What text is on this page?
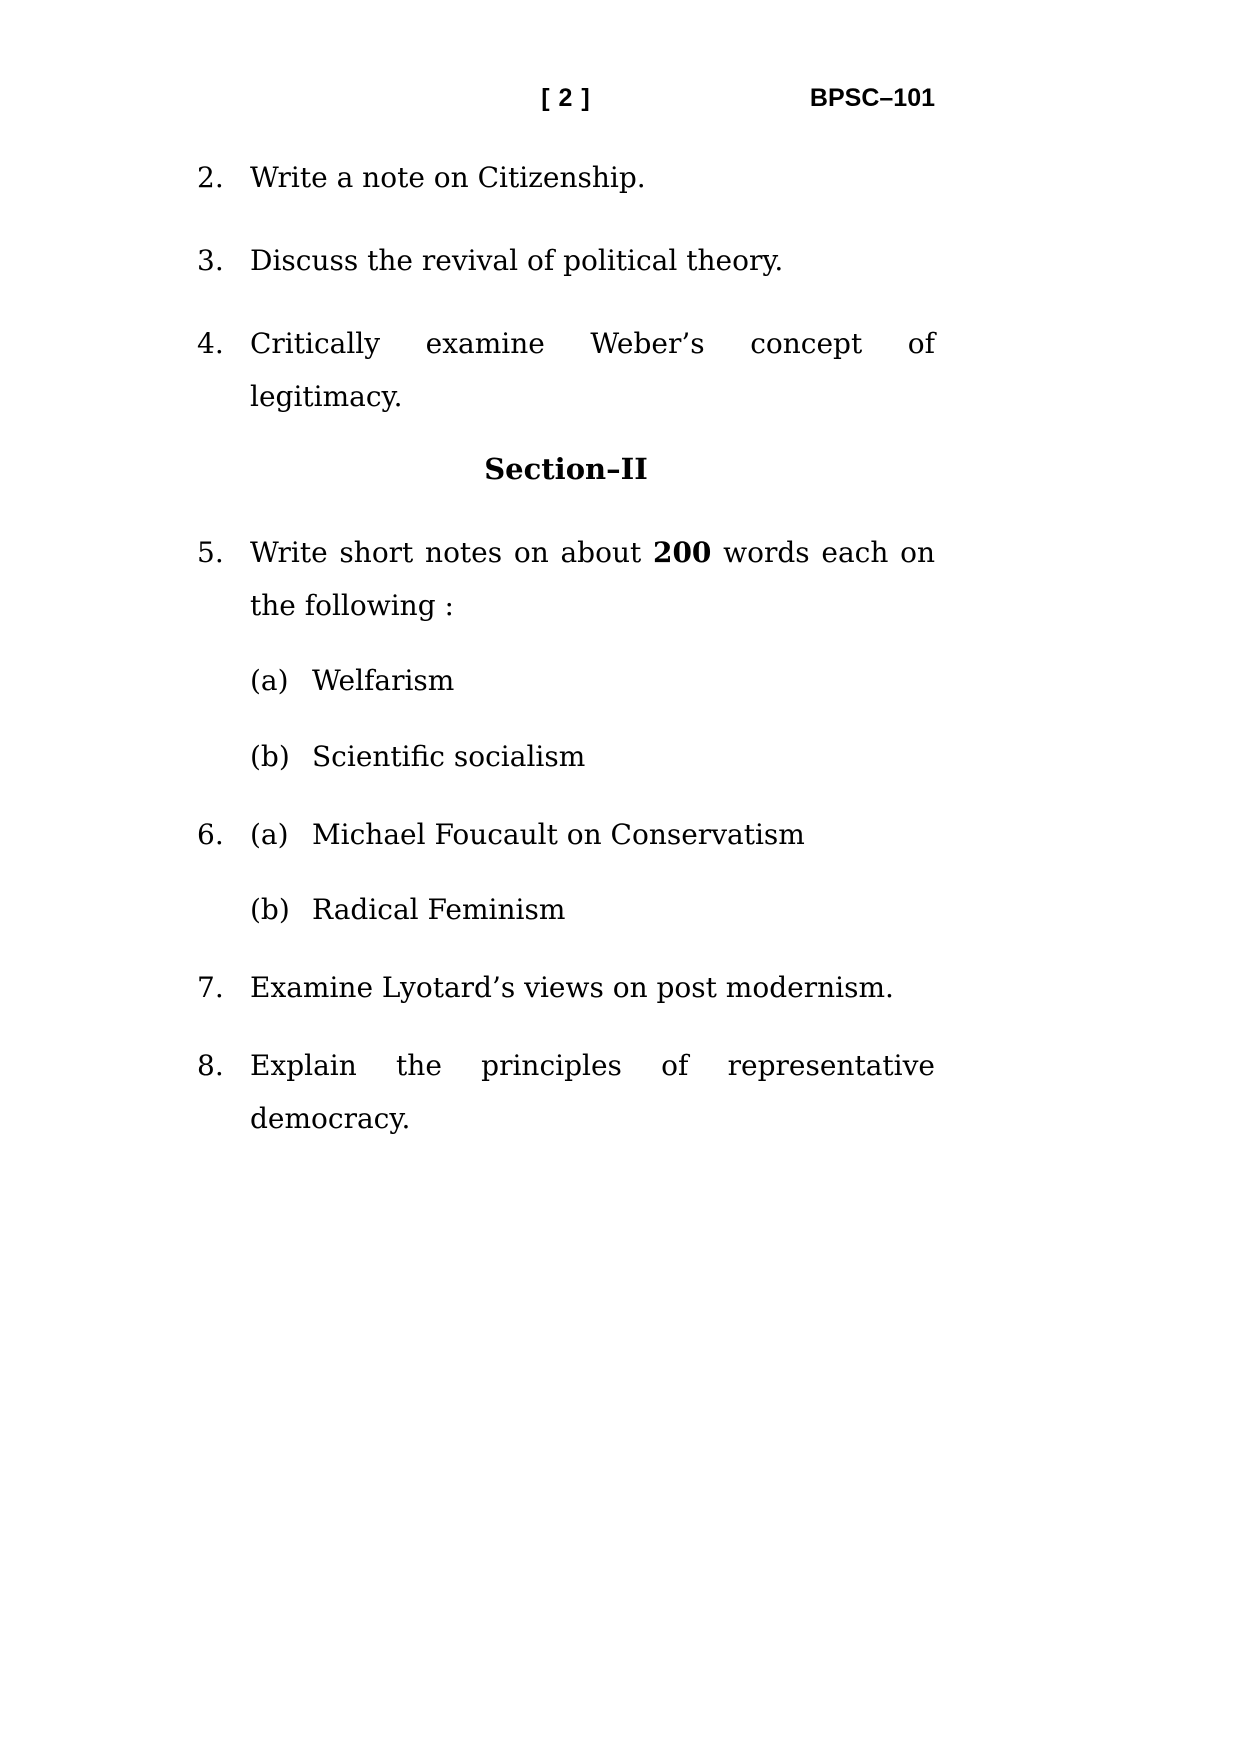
[ 2 ]	BPSC–101
2. Write a note on Citizenship.
3. Discuss the revival of political theory.
4. Critically examine Weber’s concept of legitimacy.
Section–II
5. Write short notes on about 200 words each on the following :
(a) Welfarism
(b) Scientific socialism
6. (a) Michael Foucault on Conservatism
(b) Radical Feminism
7. Examine Lyotard’s views on post modernism.
8. Explain the principles of representative democracy.
